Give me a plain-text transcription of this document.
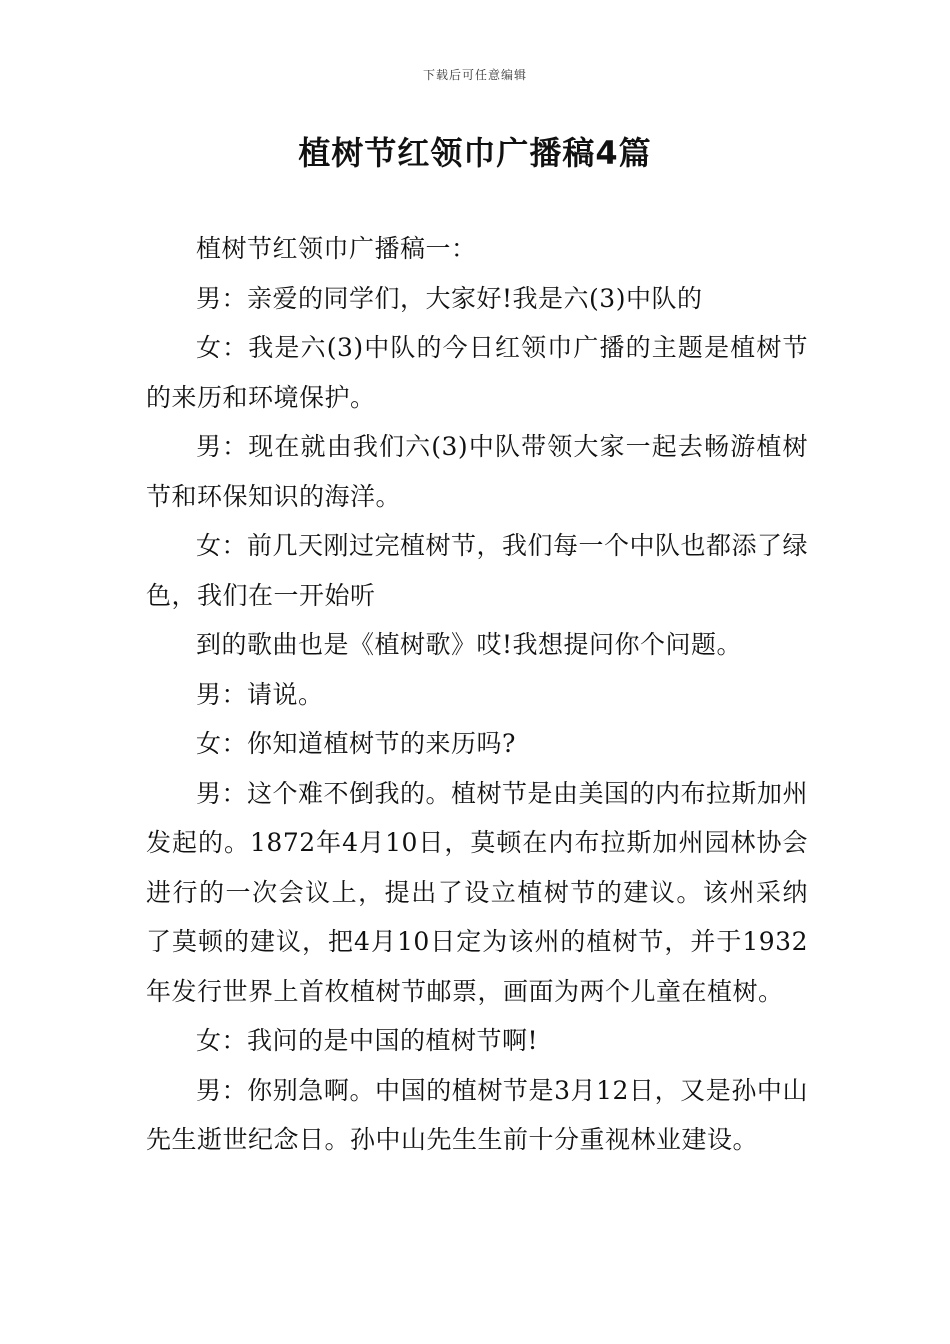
下载后可任意编辑
植树节红领巾广播稿4篇

植树节红领巾广播稿一：

男：亲爱的同学们，大家好!我是六(3)中队的

女：我是六(3)中队的今日红领巾广播的主题是植树节的来历和环境保护。

男：现在就由我们六(3)中队带领大家一起去畅游植树节和环保知识的海洋。

女：前几天刚过完植树节，我们每一个中队也都添了绿色，我们在一开始听

到的歌曲也是《植树歌》哎!我想提问你个问题。

男：请说。

女：你知道植树节的来历吗?

男：这个难不倒我的。植树节是由美国的内布拉斯加州发起的。1872年4月10日，莫顿在内布拉斯加州园林协会进行的一次会议上，提出了设立植树节的建议。该州采纳了莫顿的建议，把4月10日定为该州的植树节，并于1932年发行世界上首枚植树节邮票，画面为两个儿童在植树。

女：我问的是中国的植树节啊!

男：你别急啊。中国的植树节是3月12日，又是孙中山先生逝世纪念日。孙中山先生生前十分重视林业建设。
